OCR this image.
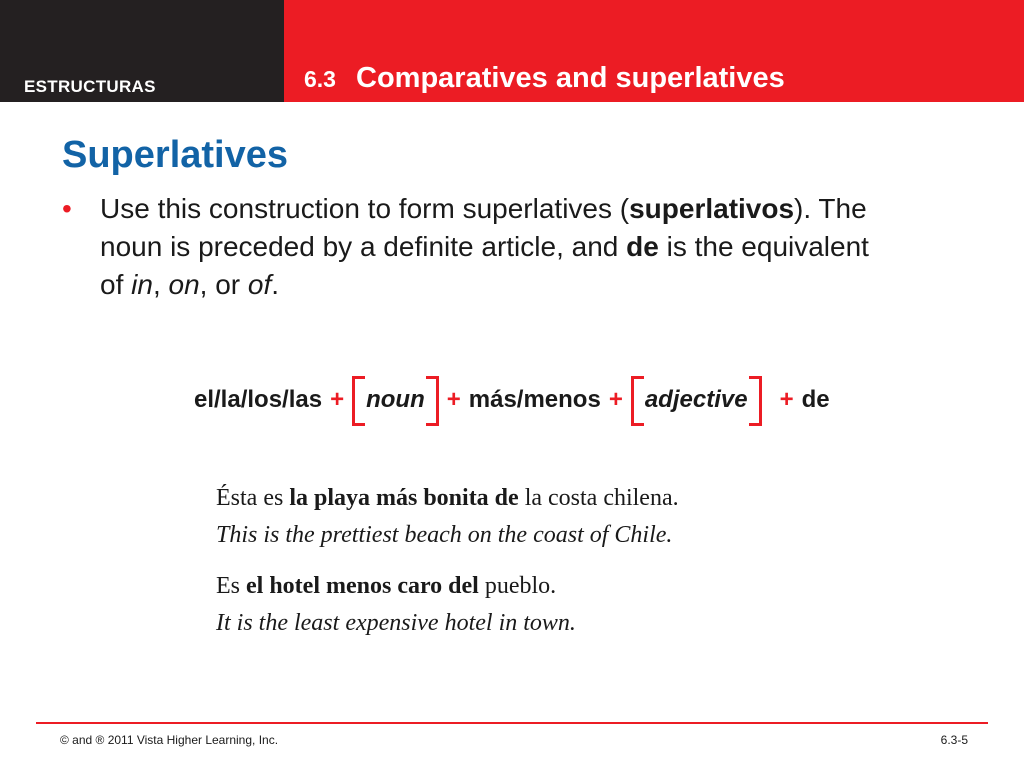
ESTRUCTURAS	6.3 Comparatives and superlatives
Superlatives
• Use this construction to form superlatives (superlativos). The noun is preceded by a definite article, and de is the equivalent of in, on, or of.
el/la/los/las + noun + más/menos + adjective	+ de
Ésta es la playa más bonita de la costa chilena.
This is the prettiest beach on the coast of Chile.
Es el hotel menos caro del pueblo.
It is the least expensive hotel in town.
© and ® 2011 Vista Higher Learning, Inc.	6.3-5
